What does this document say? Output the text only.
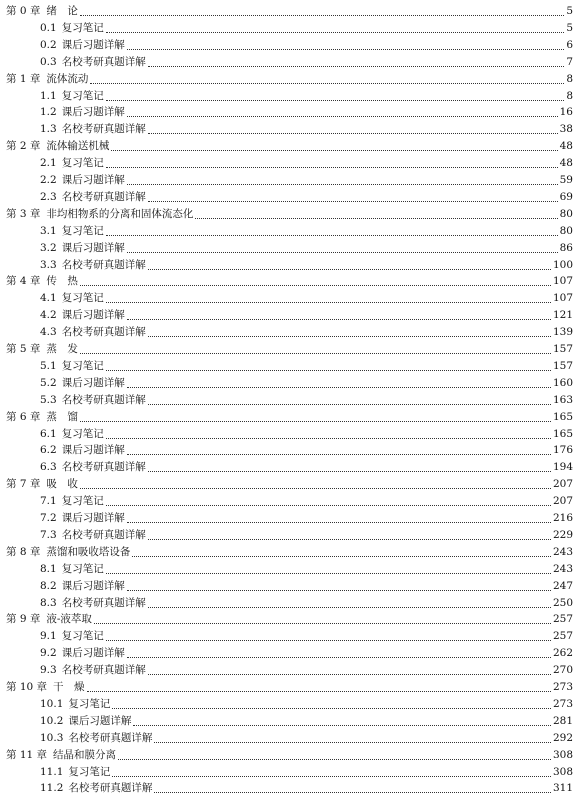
第 0 章 绪　论	5
0.1 复习笔记	5
0.2 课后习题详解	6
0.3 名校考研真题详解	7
第 1 章 流体流动	8
1.1 复习笔记	8
1.2 课后习题详解	16
1.3 名校考研真题详解	38
第 2 章 流体输送机械	48
2.1 复习笔记	48
2.2 课后习题详解	59
2.3 名校考研真题详解	69
第 3 章 非均相物系的分离和固体流态化	80
3.1 复习笔记	80
3.2 课后习题详解	86
3.3 名校考研真题详解	100
第 4 章 传　热	107
4.1 复习笔记	107
4.2 课后习题详解	121
4.3 名校考研真题详解	139
第 5 章 蒸　发	157
5.1 复习笔记	157
5.2 课后习题详解	160
5.3 名校考研真题详解	163
第 6 章 蒸　馏	165
6.1 复习笔记	165
6.2 课后习题详解	176
6.3 名校考研真题详解	194
第 7 章 吸　收	207
7.1 复习笔记	207
7.2 课后习题详解	216
7.3 名校考研真题详解	229
第 8 章 蒸馏和吸收塔设备	243
8.1 复习笔记	243
8.2 课后习题详解	247
8.3 名校考研真题详解	250
第 9 章 液-液萃取	257
9.1 复习笔记	257
9.2 课后习题详解	262
9.3 名校考研真题详解	270
第 10 章 干　燥	273
10.1 复习笔记	273
10.2 课后习题详解	281
10.3 名校考研真题详解	292
第 11 章 结晶和膜分离	308
11.1 复习笔记	308
11.2 名校考研真题详解	311
